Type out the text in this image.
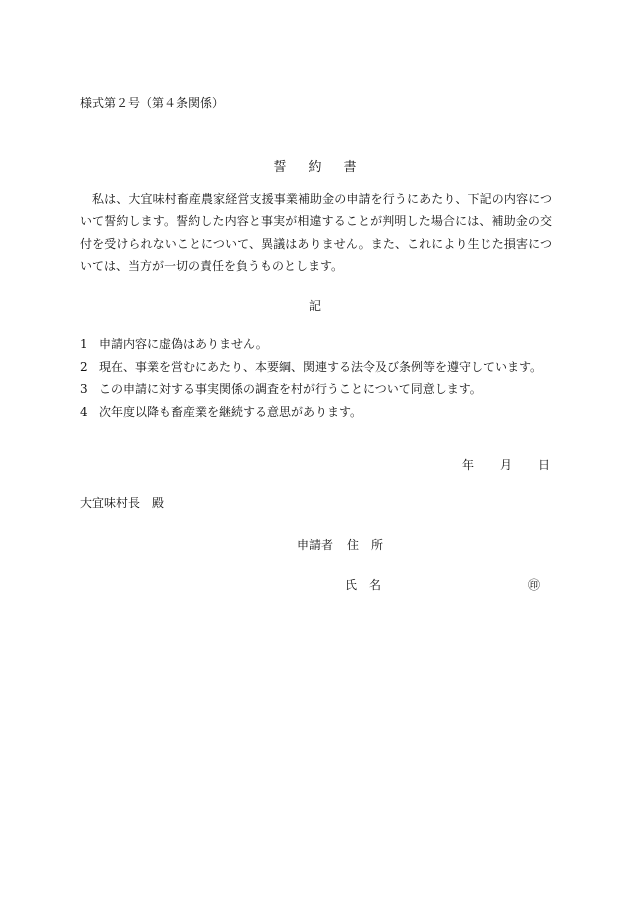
様式第２号（第４条関係）
誓約書
私は、大宜味村畜産農家経営支援事業補助金の申請を行うにあたり、下記の内容について誓約します。誓約した内容と事実が相違することが判明した場合には、補助金の交付を受けられないことについて、異議はありません。また、これにより生じた損害については、当方が一切の責任を負うものとします。
記
1 申請内容に虚偽はありません。
2 現在、事業を営むにあたり、本要綱、関連する法令及び条例等を遵守しています。
3 この申請に対する事実関係の調査を村が行うことについて同意します。
4 次年度以降も畜産業を継続する意思があります。
年 月 日
大宜味村長 殿
申請者 住 所
氏 名	㊞
